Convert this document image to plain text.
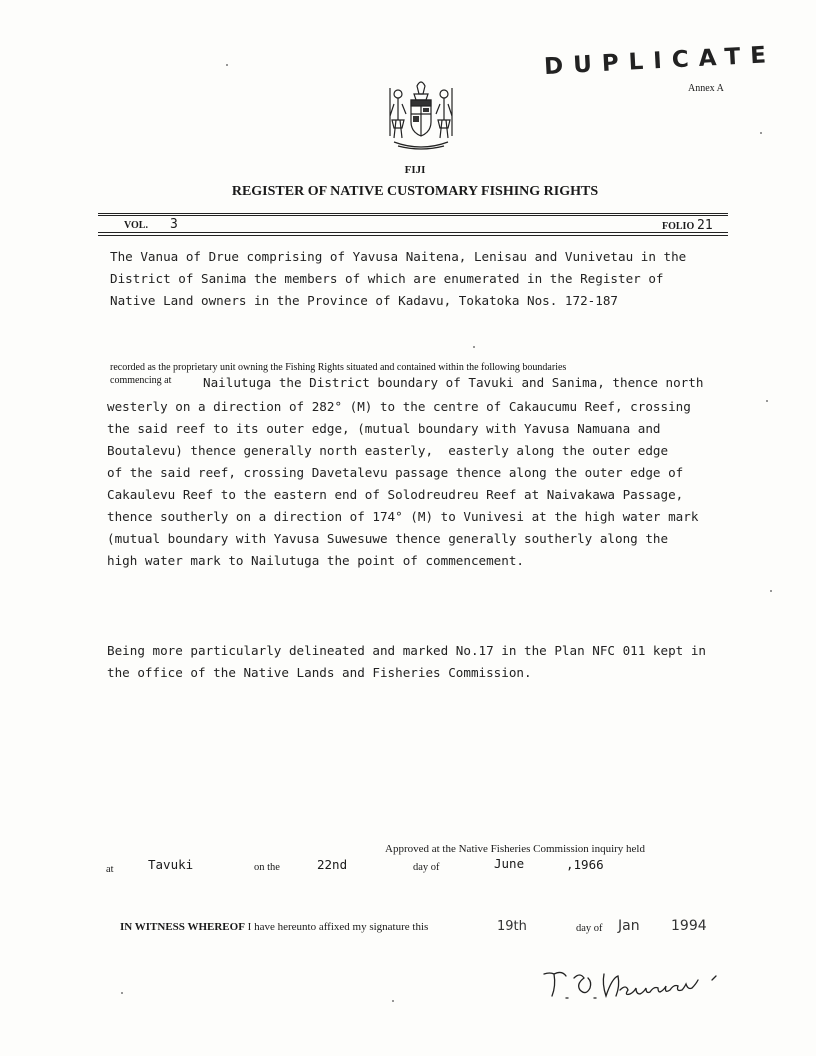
DUPLICATE
Annex A
FIJI
REGISTER OF NATIVE CUSTOMARY FISHING RIGHTS
VOL. 3	FOLIO 21
The Vanua of Drue comprising of Yavusa Naitena, Lenisau and Vunivetau in the
District of Sanima the members of which are enumerated in the Register of
Native Land owners in the Province of Kadavu, Tokatoka Nos. 172-187
recorded as the proprietary unit owning the Fishing Rights situated and contained within the following boundaries
commencing at	Nailutuga the District boundary of Tavuki and Sanima, thence north
westerly on a direction of 282° (M) to the centre of Cakaucumu Reef, crossing
the said reef to its outer edge, (mutual boundary with Yavusa Namuana and
Boutalevu) thence generally north easterly,  easterly along the outer edge
of the said reef, crossing Davetalevu passage thence along the outer edge of
Cakaulevu Reef to the eastern end of Solodreudreu Reef at Naivakawa Passage,
thence southerly on a direction of 174° (M) to Vunivesi at the high water mark
(mutual boundary with Yavusa Suwesuwe thence generally southerly along the
high water mark to Nailutuga the point of commencement.
Being more particularly delineated and marked No.17 in the Plan NFC 011 kept in
the office of the Native Lands and Fisheries Commission.
Approved at the Native Fisheries Commission inquiry held
at	Tavuki	on the	22nd	day of	June	,1966
IN WITNESS WHEREOF I have hereunto affixed my signature this	19th	day of Jan 1994
